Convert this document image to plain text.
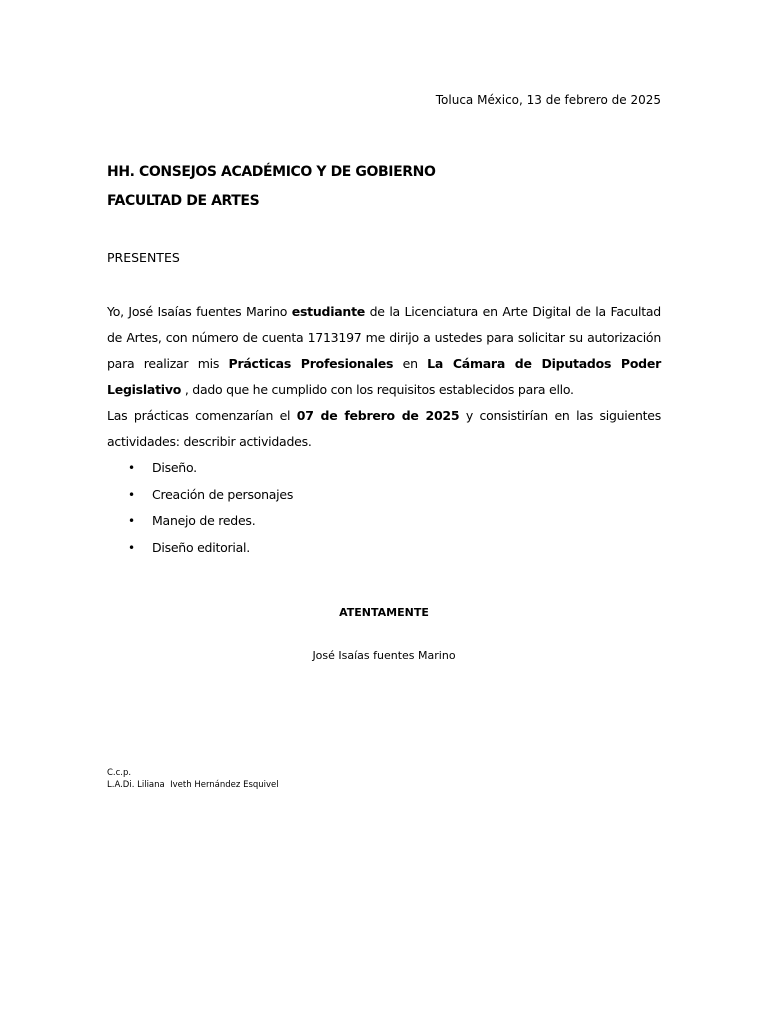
Toluca México, 13 de febrero de 2025
HH. CONSEJOS ACADÉMICO Y DE GOBIERNO
FACULTAD DE ARTES
PRESENTES

Yo, José Isaías fuentes Marino estudiante de la Licenciatura en Arte Digital de la Facultad de Artes, con número de cuenta 1713197 me dirijo a ustedes para solicitar su autorización para realizar mis Prácticas Profesionales en La Cámara de Diputados Poder Legislativo , dado que he cumplido con los requisitos establecidos para ello.

Las prácticas comenzarían el 07 de febrero de 2025 y consistirían en las siguientes actividades: describir actividades.

• Diseño.
• Creación de personajes
• Manejo de redes.
• Diseño editorial.
ATENTAMENTE
José Isaías fuentes Marino
C.c.p.
L.A.Di. Liliana  Iveth Hernández Esquivel
